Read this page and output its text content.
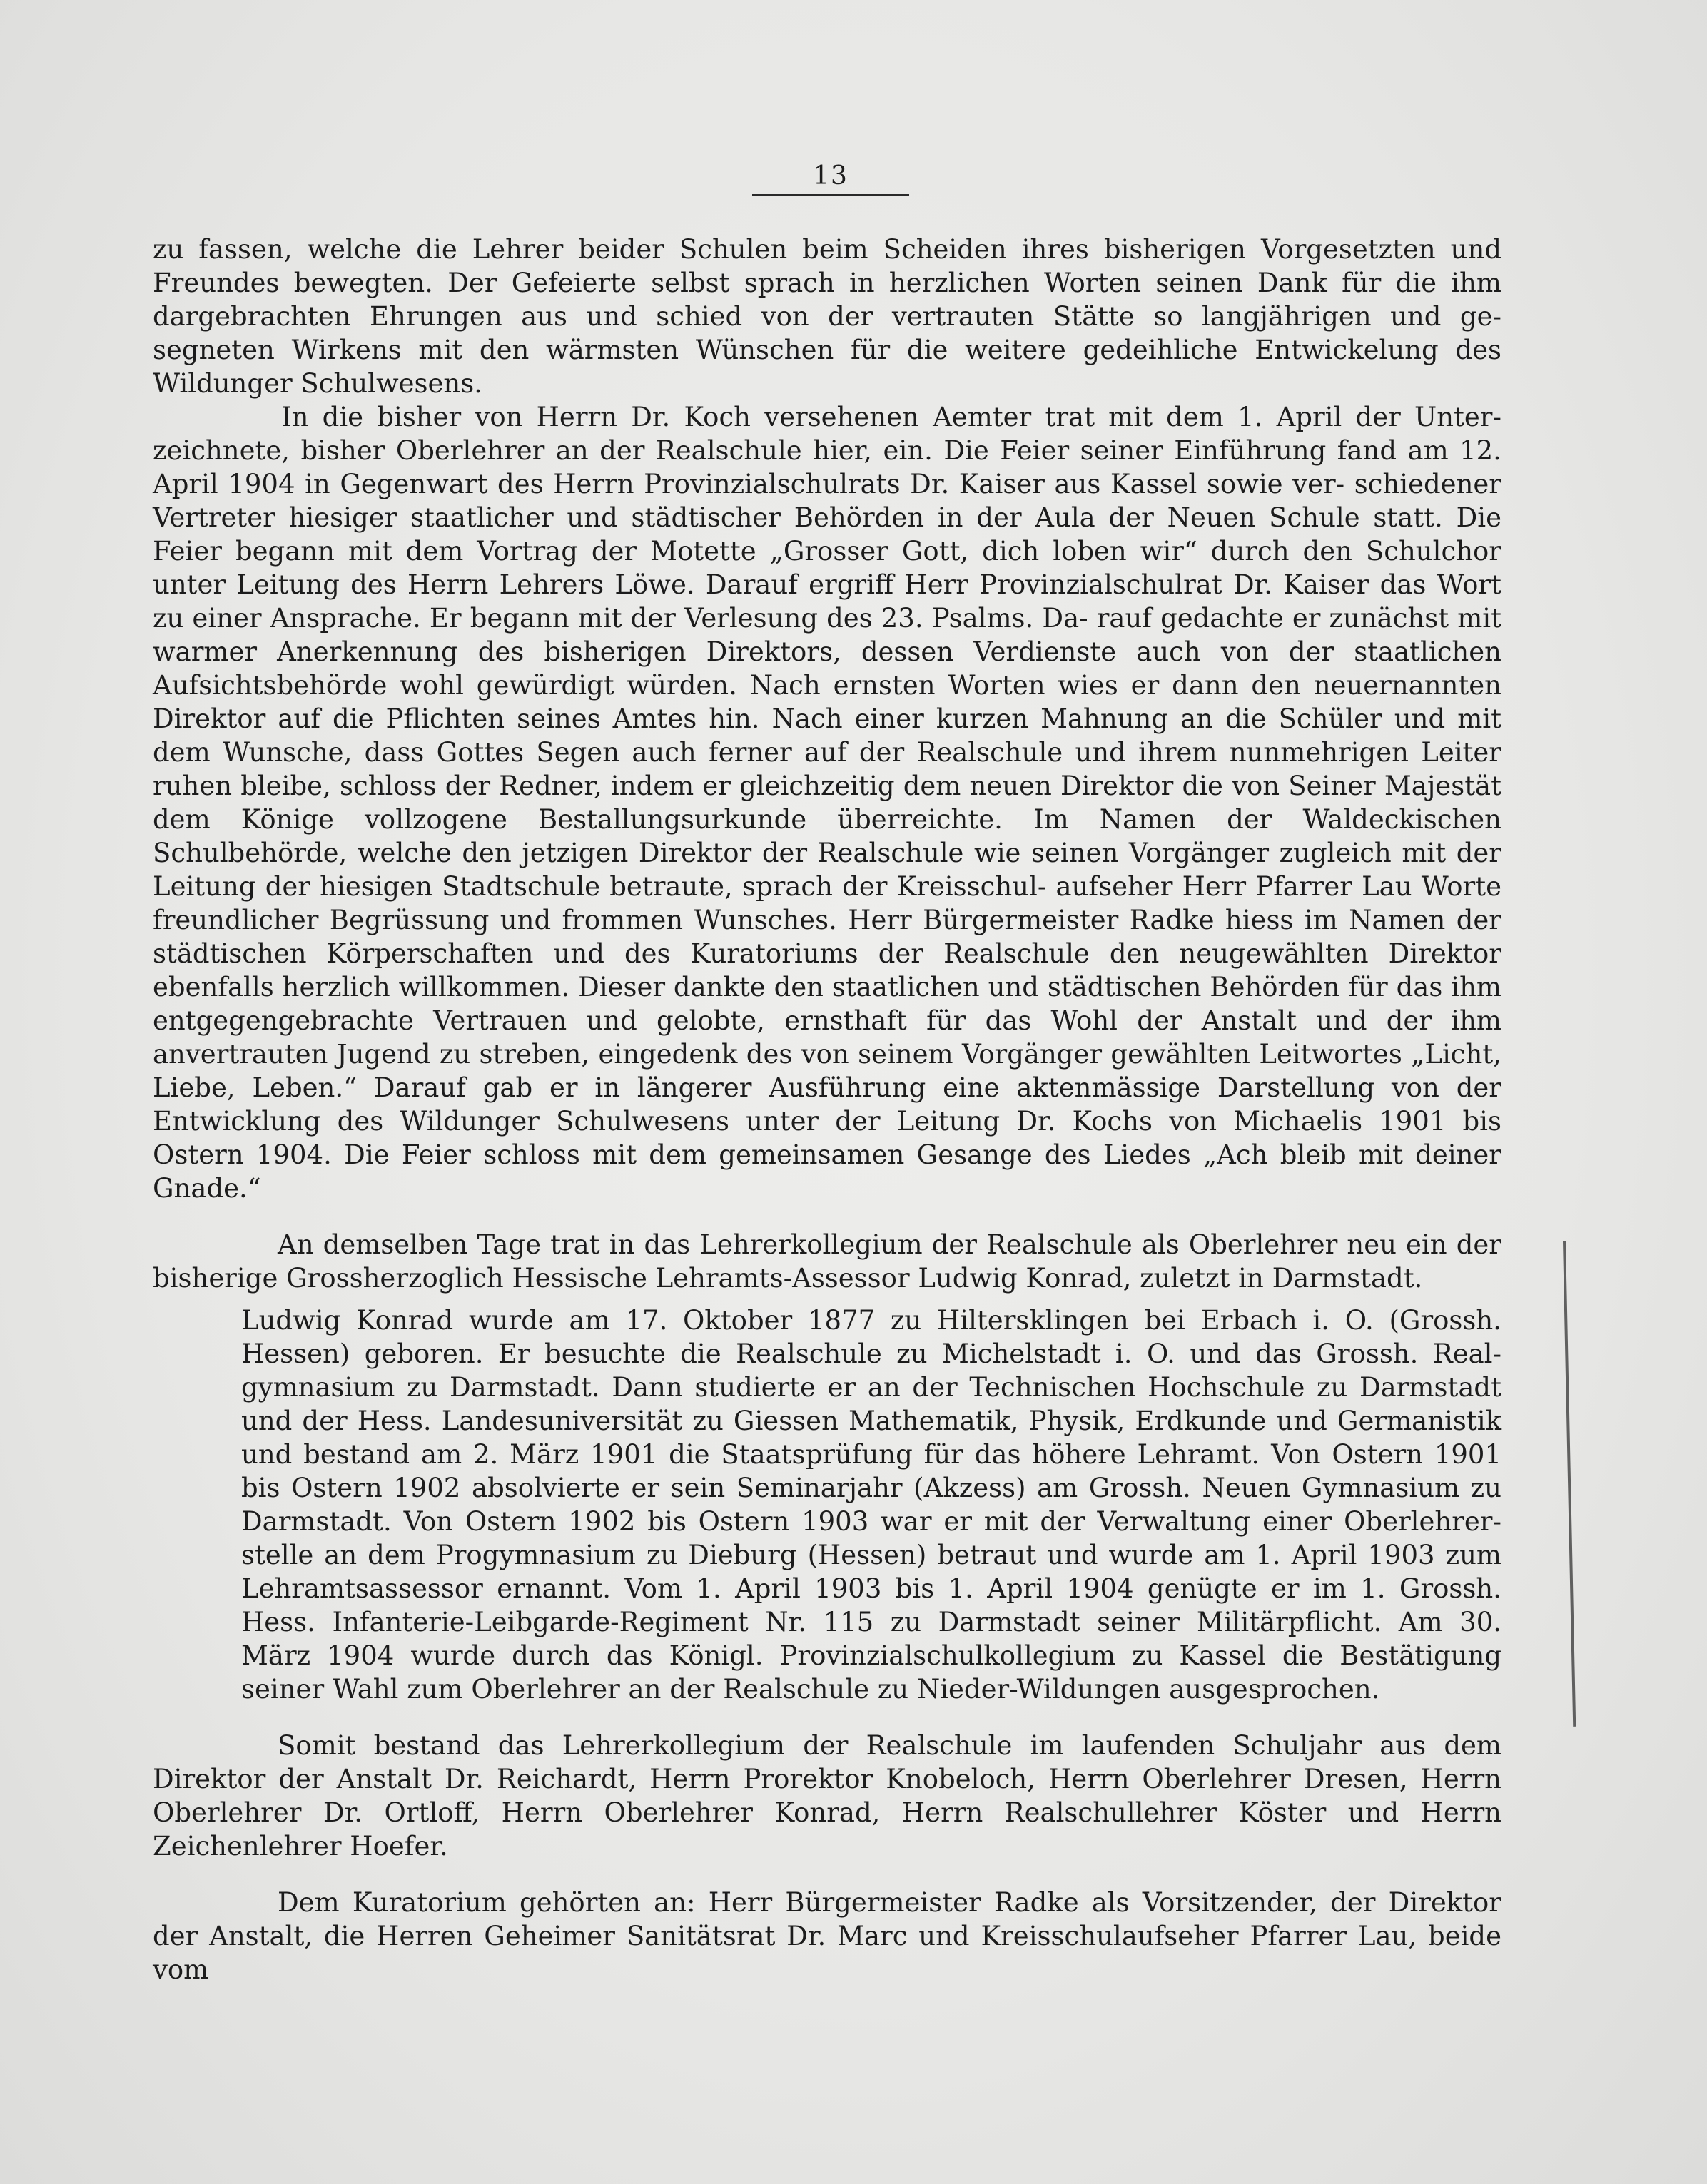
13

zu fassen, welche die Lehrer beider Schulen beim Scheiden ihres bisherigen Vorgesetzten und Freundes bewegten. Der Gefeierte selbst sprach in herzlichen Worten seinen Dank für die ihm dargebrachten Ehrungen aus und schied von der vertrauten Stätte so langjährigen und ge- segneten Wirkens mit den wärmsten Wünschen für die weitere gedeihliche Entwickelung des Wildunger Schulwesens.

In die bisher von Herrn Dr. Koch versehenen Aemter trat mit dem 1. April der Unter- zeichnete, bisher Oberlehrer an der Realschule hier, ein. Die Feier seiner Einführung fand am 12. April 1904 in Gegenwart des Herrn Provinzialschulrats Dr. Kaiser aus Kassel sowie ver- schiedener Vertreter hiesiger staatlicher und städtischer Behörden in der Aula der Neuen Schule statt. Die Feier begann mit dem Vortrag der Motette „Grosser Gott, dich loben wir“ durch den Schulchor unter Leitung des Herrn Lehrers Löwe. Darauf ergriff Herr Provinzialschulrat Dr. Kaiser das Wort zu einer Ansprache. Er begann mit der Verlesung des 23. Psalms. Da- rauf gedachte er zunächst mit warmer Anerkennung des bisherigen Direktors, dessen Verdienste auch von der staatlichen Aufsichtsbehörde wohl gewürdigt würden. Nach ernsten Worten wies er dann den neuernannten Direktor auf die Pflichten seines Amtes hin. Nach einer kurzen Mahnung an die Schüler und mit dem Wunsche, dass Gottes Segen auch ferner auf der Realschule und ihrem nunmehrigen Leiter ruhen bleibe, schloss der Redner, indem er gleichzeitig dem neuen Direktor die von Seiner Majestät dem Könige vollzogene Bestallungsurkunde überreichte. Im Namen der Waldeckischen Schulbehörde, welche den jetzigen Direktor der Realschule wie seinen Vorgänger zugleich mit der Leitung der hiesigen Stadtschule betraute, sprach der Kreisschul- aufseher Herr Pfarrer Lau Worte freundlicher Begrüssung und frommen Wunsches. Herr Bürgermeister Radke hiess im Namen der städtischen Körperschaften und des Kuratoriums der Realschule den neugewählten Direktor ebenfalls herzlich willkommen. Dieser dankte den staatlichen und städtischen Behörden für das ihm entgegengebrachte Vertrauen und gelobte, ernsthaft für das Wohl der Anstalt und der ihm anvertrauten Jugend zu streben, eingedenk des von seinem Vorgänger gewählten Leitwortes „Licht, Liebe, Leben.“ Darauf gab er in längerer Ausführung eine aktenmässige Darstellung von der Entwicklung des Wildunger Schulwesens unter der Leitung Dr. Kochs von Michaelis 1901 bis Ostern 1904. Die Feier schloss mit dem gemeinsamen Gesange des Liedes „Ach bleib mit deiner Gnade.“

An demselben Tage trat in das Lehrerkollegium der Realschule als Oberlehrer neu ein der bisherige Grossherzoglich Hessische Lehramts-Assessor Ludwig Konrad, zuletzt in Darmstadt.

Ludwig Konrad wurde am 17. Oktober 1877 zu Hiltersklingen bei Erbach i. O. (Grossh. Hessen) geboren. Er besuchte die Realschule zu Michelstadt i. O. und das Grossh. Real- gymnasium zu Darmstadt. Dann studierte er an der Technischen Hochschule zu Darmstadt und der Hess. Landesuniversität zu Giessen Mathematik, Physik, Erdkunde und Germanistik und bestand am 2. März 1901 die Staatsprüfung für das höhere Lehramt. Von Ostern 1901 bis Ostern 1902 absolvierte er sein Seminarjahr (Akzess) am Grossh. Neuen Gymnasium zu Darmstadt. Von Ostern 1902 bis Ostern 1903 war er mit der Verwaltung einer Oberlehrer- stelle an dem Progymnasium zu Dieburg (Hessen) betraut und wurde am 1. April 1903 zum Lehramtsassessor ernannt. Vom 1. April 1903 bis 1. April 1904 genügte er im 1. Grossh. Hess. Infanterie-Leibgarde-Regiment Nr. 115 zu Darmstadt seiner Militärpflicht. Am 30. März 1904 wurde durch das Königl. Provinzialschulkollegium zu Kassel die Bestätigung seiner Wahl zum Oberlehrer an der Realschule zu Nieder-Wildungen ausgesprochen.

Somit bestand das Lehrerkollegium der Realschule im laufenden Schuljahr aus dem Direktor der Anstalt Dr. Reichardt, Herrn Prorektor Knobeloch, Herrn Oberlehrer Dresen, Herrn Oberlehrer Dr. Ortloff, Herrn Oberlehrer Konrad, Herrn Realschullehrer Köster und Herrn Zeichenlehrer Hoefer.

Dem Kuratorium gehörten an: Herr Bürgermeister Radke als Vorsitzender, der Direktor der Anstalt, die Herren Geheimer Sanitätsrat Dr. Marc und Kreisschulaufseher Pfarrer Lau, beide vom
